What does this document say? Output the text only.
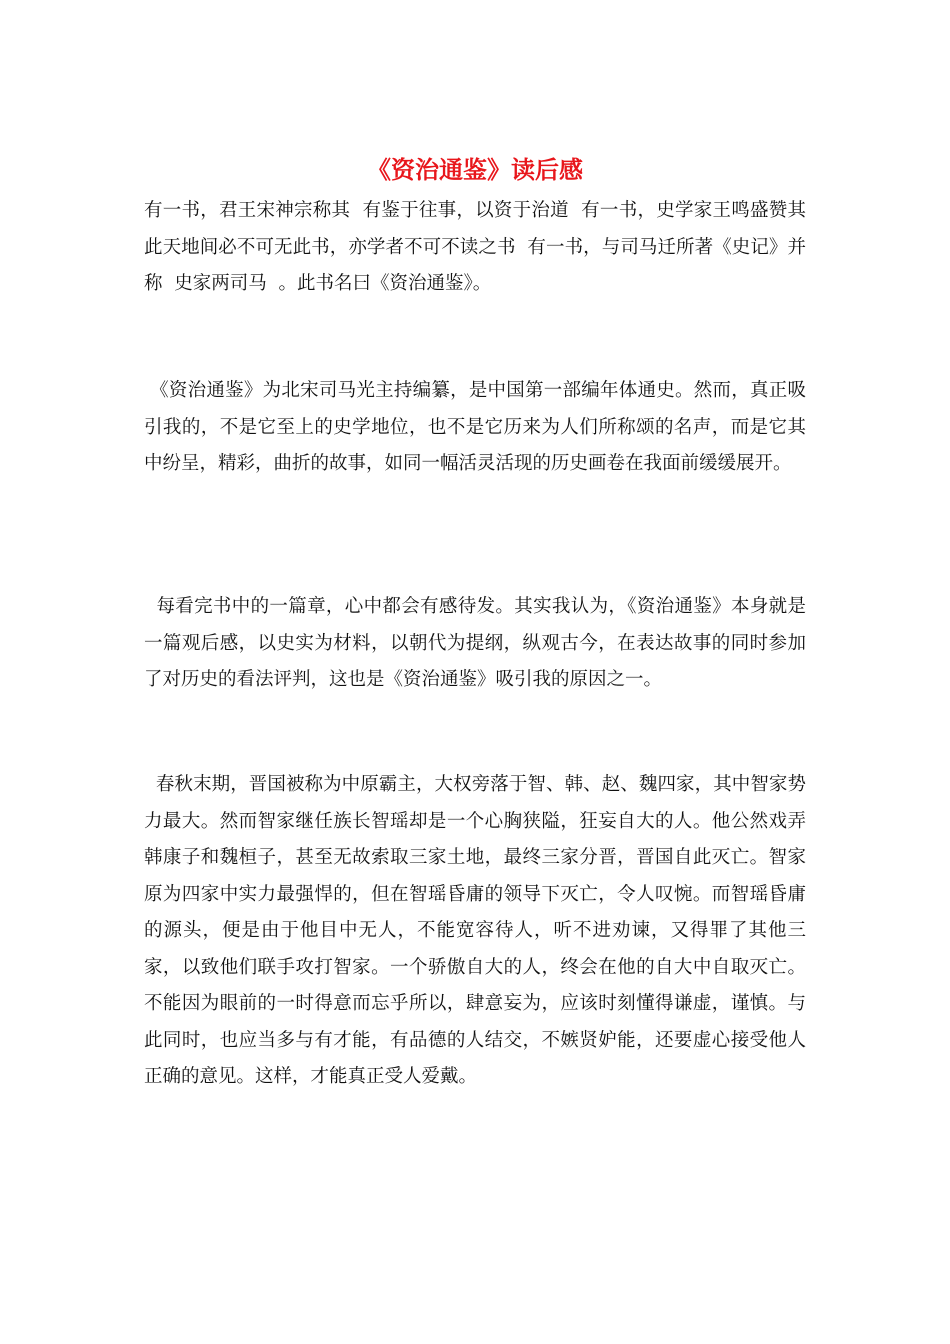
《资治通鉴》读后感

有一书，君王宋神宗称其  有鉴于往事，以资于治道  有一书，史学家王鸣盛赞其  此天地间必不可无此书，亦学者不可不读之书  有一书，与司马迁所著《史记》并称  史家两司马  。此书名曰《资治通鉴》。

《资治通鉴》为北宋司马光主持编纂，是中国第一部编年体通史。然而，真正吸引我的，不是它至上的史学地位，也不是它历来为人们所称颂的名声，而是它其中纷呈，精彩，曲折的故事，如同一幅活灵活现的历史画卷在我面前缓缓展开。

每看完书中的一篇章，心中都会有感待发。其实我认为，《资治通鉴》本身就是一篇观后感，以史实为材料，以朝代为提纲，纵观古今，在表达故事的同时参加了对历史的看法评判，这也是《资治通鉴》吸引我的原因之一。

春秋末期，晋国被称为中原霸主，大权旁落于智、韩、赵、魏四家，其中智家势力最大。然而智家继任族长智瑶却是一个心胸狭隘，狂妄自大的人。他公然戏弄韩康子和魏桓子，甚至无故索取三家土地，最终三家分晋，晋国自此灭亡。智家原为四家中实力最强悍的，但在智瑶昏庸的领导下灭亡，令人叹惋。而智瑶昏庸的源头，便是由于他目中无人，不能宽容待人，听不进劝谏，又得罪了其他三家，以致他们联手攻打智家。一个骄傲自大的人，终会在他的自大中自取灭亡。不能因为眼前的一时得意而忘乎所以，肆意妄为，应该时刻懂得谦虚，谨慎。与此同时，也应当多与有才能，有品德的人结交，不嫉贤妒能，还要虚心接受他人正确的意见。这样，才能真正受人爱戴。
